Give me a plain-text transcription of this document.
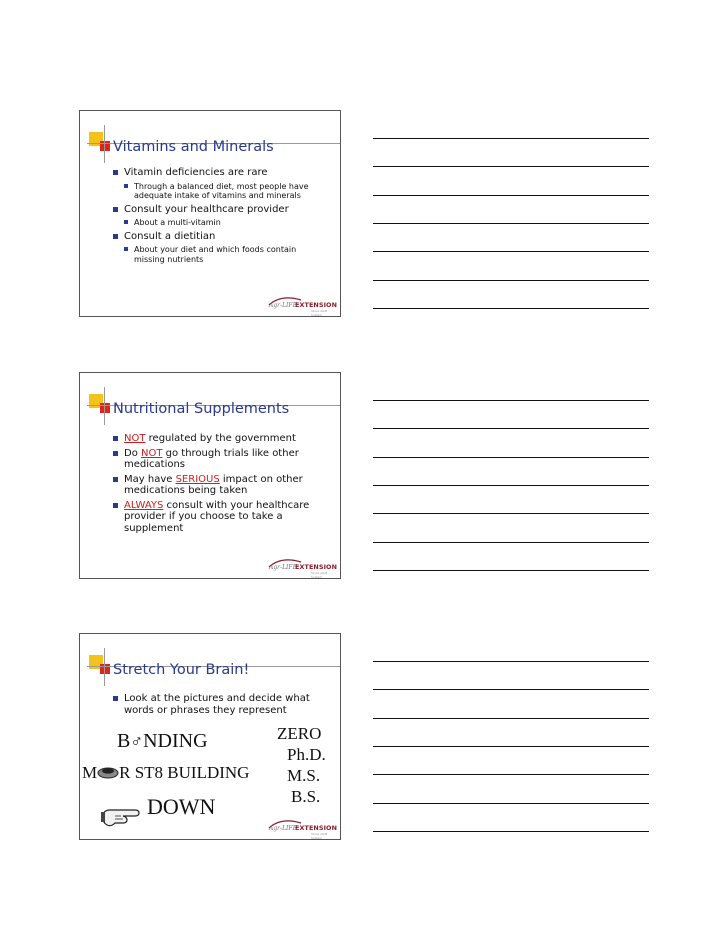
Vitamins and Minerals
Vitamin deficiencies are rare
Through a balanced diet, most people have adequate intake of vitamins and minerals
Consult your healthcare provider
About a multi-vitamin
Consult a dietitian
About your diet and which foods contain missing nutrients
Agr-LIFE
EXTENSION
Texas A&M System
Nutritional Supplements
NOT regulated by the government
Do NOT go through trials like other medications
May have SERIOUS impact on other medications being taken
ALWAYS consult with your healthcare provider if you choose to take a supplement
Agr-LIFE
EXTENSION
Texas A&M System
Stretch Your Brain!
Look at the pictures and decide what words or phrases they represent
B♂NDING
M R ST8 BUILDING
DOWN
ZERO
Ph.D.
M.S.
B.S.
Agr-LIFE
EXTENSION
Texas A&M System
